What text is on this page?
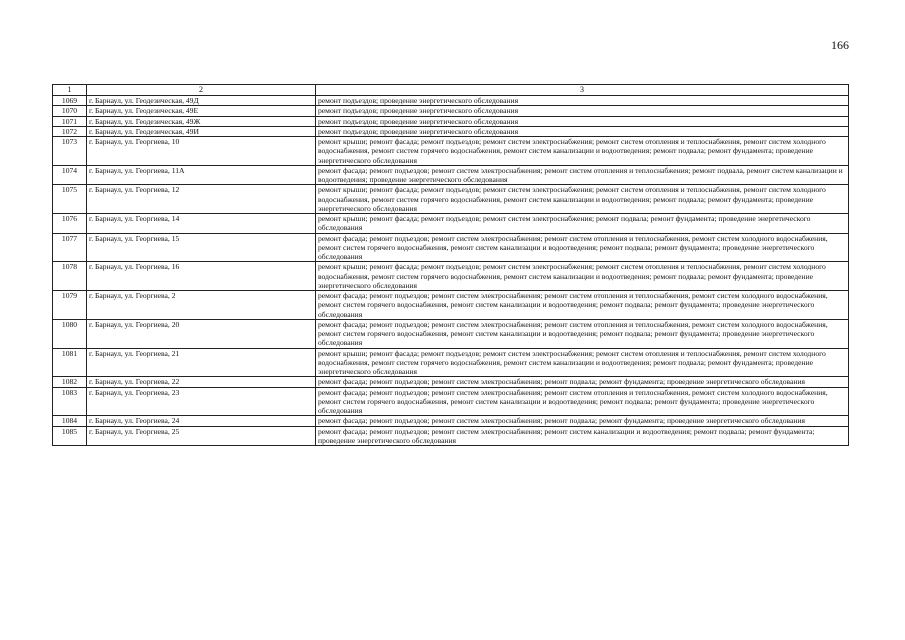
166
1	2	3
1069	г. Барнаул, ул. Геодезическая, 49Д	ремонт подъездов; проведение энергетического обследования
1070	г. Барнаул, ул. Геодезическая, 49Е	ремонт подъездов; проведение энергетического обследования
1071	г. Барнаул, ул. Геодезическая, 49Ж	ремонт подъездов; проведение энергетического обследования
1072	г. Барнаул, ул. Геодезическая, 49И	ремонт подъездов; проведение энергетического обследования
1073	г. Барнаул, ул. Георгиева, 10	ремонт крыши; ремонт фасада; ремонт подъездов; ремонт систем электроснабжения; ремонт систем отопления и теплоснабжения, ремонт систем холодного водоснабжения, ремонт систем горячего водоснабжения, ремонт систем канализации и водоотведения; ремонт подвала; ремонт фундамента; проведение энергетического обследования
1074	г. Барнаул, ул. Георгиева, 11А	ремонт фасада; ремонт подъездов; ремонт систем электроснабжения; ремонт систем отопления и теплоснабжения; ремонт подвала, ремонт систем канализации и водоотведения; проведение энергетического обследования
1075	г. Барнаул, ул. Георгиева, 12	ремонт крыши; ремонт фасада; ремонт подъездов; ремонт систем электроснабжения; ремонт систем отопления и теплоснабжения, ремонт систем холодного водоснабжения, ремонт систем горячего водоснабжения, ремонт систем канализации и водоотведения; ремонт подвала; ремонт фундамента; проведение энергетического обследования
1076	г. Барнаул, ул. Георгиева, 14	ремонт крыши; ремонт фасада; ремонт подъездов; ремонт систем электроснабжения; ремонт подвала; ремонт фундамента; проведение энергетического обследования
1077	г. Барнаул, ул. Георгиева, 15	ремонт фасада; ремонт подъездов; ремонт систем электроснабжения; ремонт систем отопления и теплоснабжения, ремонт систем холодного водоснабжения, ремонт систем горячего водоснабжения, ремонт систем канализации и водоотведения; ремонт подвала; ремонт фундамента; проведение энергетического обследования
1078	г. Барнаул, ул. Георгиева, 16	ремонт крыши; ремонт фасада; ремонт подъездов; ремонт систем электроснабжения; ремонт систем отопления и теплоснабжения, ремонт систем холодного водоснабжения, ремонт систем горячего водоснабжения, ремонт систем канализации и водоотведения; ремонт подвала; ремонт фундамента; проведение энергетического обследования
1079	г. Барнаул, ул. Георгиева, 2	ремонт фасада; ремонт подъездов; ремонт систем электроснабжения; ремонт систем отопления и теплоснабжения, ремонт систем холодного водоснабжения, ремонт систем горячего водоснабжения, ремонт систем канализации и водоотведения; ремонт подвала; ремонт фундамента; проведение энергетического обследования
1080	г. Барнаул, ул. Георгиева, 20	ремонт фасада; ремонт подъездов; ремонт систем электроснабжения; ремонт систем отопления и теплоснабжения, ремонт систем холодного водоснабжения, ремонт систем горячего водоснабжения, ремонт систем канализации и водоотведения; ремонт подвала; ремонт фундамента; проведение энергетического обследования
1081	г. Барнаул, ул. Георгиева, 21	ремонт крыши; ремонт фасада; ремонт подъездов; ремонт систем электроснабжения; ремонт систем отопления и теплоснабжения, ремонт систем холодного водоснабжения, ремонт систем горячего водоснабжения, ремонт систем канализации и водоотведения; ремонт подвала; ремонт фундамента; проведение энергетического обследования
1082	г. Барнаул, ул. Георгиева, 22	ремонт фасада; ремонт подъездов; ремонт систем электроснабжения; ремонт подвала; ремонт фундамента; проведение энергетического обследования
1083	г. Барнаул, ул. Георгиева, 23	ремонт фасада; ремонт подъездов; ремонт систем электроснабжения; ремонт систем отопления и теплоснабжения, ремонт систем холодного водоснабжения, ремонт систем горячего водоснабжения, ремонт систем канализации и водоотведения; ремонт подвала; ремонт фундамента; проведение энергетического обследования
1084	г. Барнаул, ул. Георгиева, 24	ремонт фасада; ремонт подъездов; ремонт систем электроснабжения; ремонт подвала; ремонт фундамента; проведение энергетического обследования
1085	г. Барнаул, ул. Георгиева, 25	ремонт фасада; ремонт подъездов; ремонт систем электроснабжения; ремонт систем канализации и водоотведения; ремонт подвала; ремонт фундамента; проведение энергетического обследования
